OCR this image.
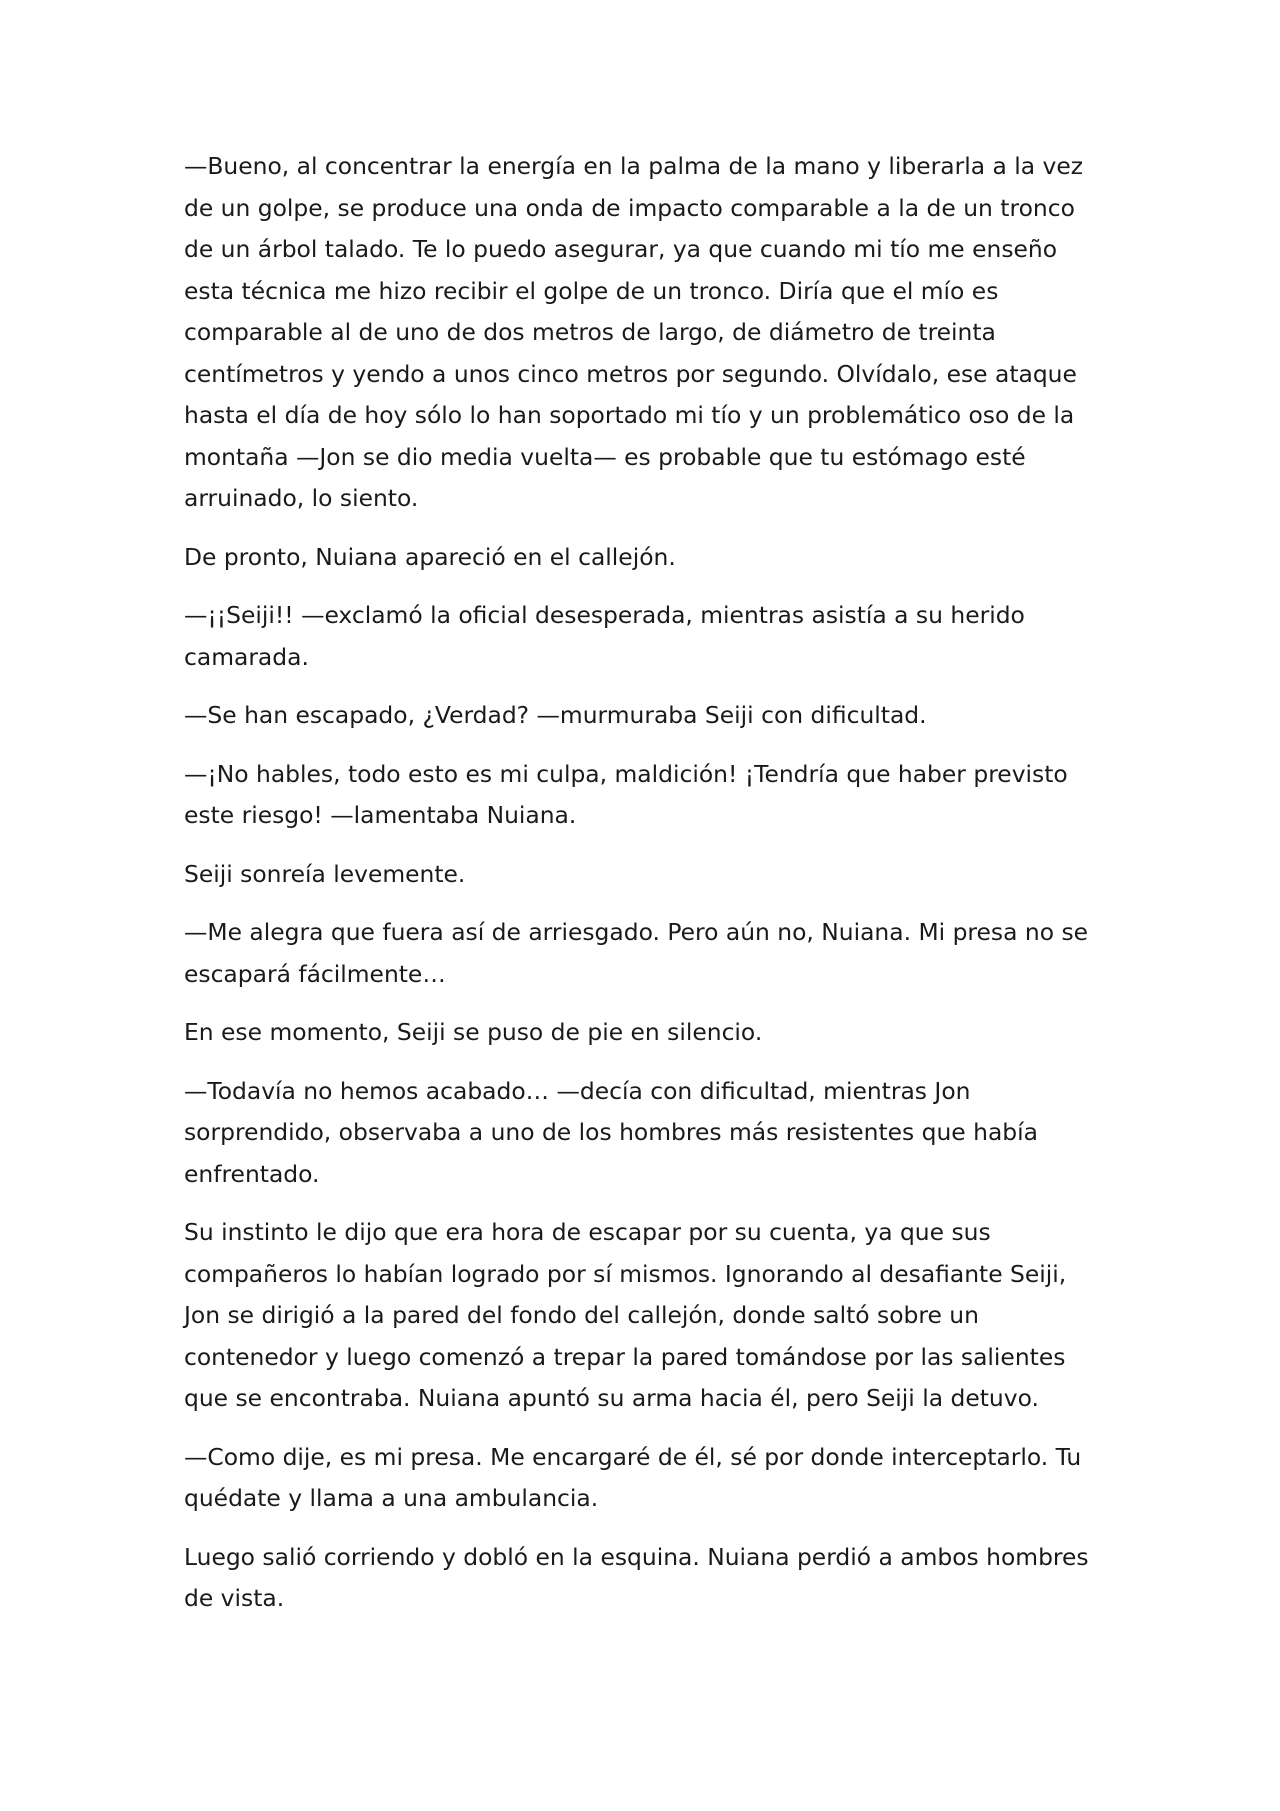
—Bueno, al concentrar la energía en la palma de la mano y liberarla a la vez de un golpe, se produce una onda de impacto comparable a la de un tronco de un árbol talado. Te lo puedo asegurar, ya que cuando mi tío me enseño esta técnica me hizo recibir el golpe de un tronco. Diría que el mío es comparable al de uno de dos metros de largo, de diámetro de treinta centímetros y yendo a unos cinco metros por segundo. Olvídalo, ese ataque hasta el día de hoy sólo lo han soportado mi tío y un problemático oso de la montaña —Jon se dio media vuelta— es probable que tu estómago esté arruinado, lo siento.

De pronto, Nuiana apareció en el callejón.

—¡¡Seiji!! —exclamó la oficial desesperada, mientras asistía a su herido camarada.

—Se han escapado, ¿Verdad? —murmuraba Seiji con dificultad.

—¡No hables, todo esto es mi culpa, maldición! ¡Tendría que haber previsto este riesgo! —lamentaba Nuiana.

Seiji sonreía levemente.

—Me alegra que fuera así de arriesgado. Pero aún no, Nuiana. Mi presa no se escapará fácilmente…

En ese momento, Seiji se puso de pie en silencio.

—Todavía no hemos acabado… —decía con dificultad, mientras Jon sorprendido, observaba a uno de los hombres más resistentes que había enfrentado.

Su instinto le dijo que era hora de escapar por su cuenta, ya que sus compañeros lo habían logrado por sí mismos. Ignorando al desafiante Seiji, Jon se dirigió a la pared del fondo del callejón, donde saltó sobre un contenedor y luego comenzó a trepar la pared tomándose por las salientes que se encontraba. Nuiana apuntó su arma hacia él, pero Seiji la detuvo.

—Como dije, es mi presa. Me encargaré de él, sé por donde interceptarlo. Tu quédate y llama a una ambulancia.

Luego salió corriendo y dobló en la esquina. Nuiana perdió a ambos hombres de vista.
